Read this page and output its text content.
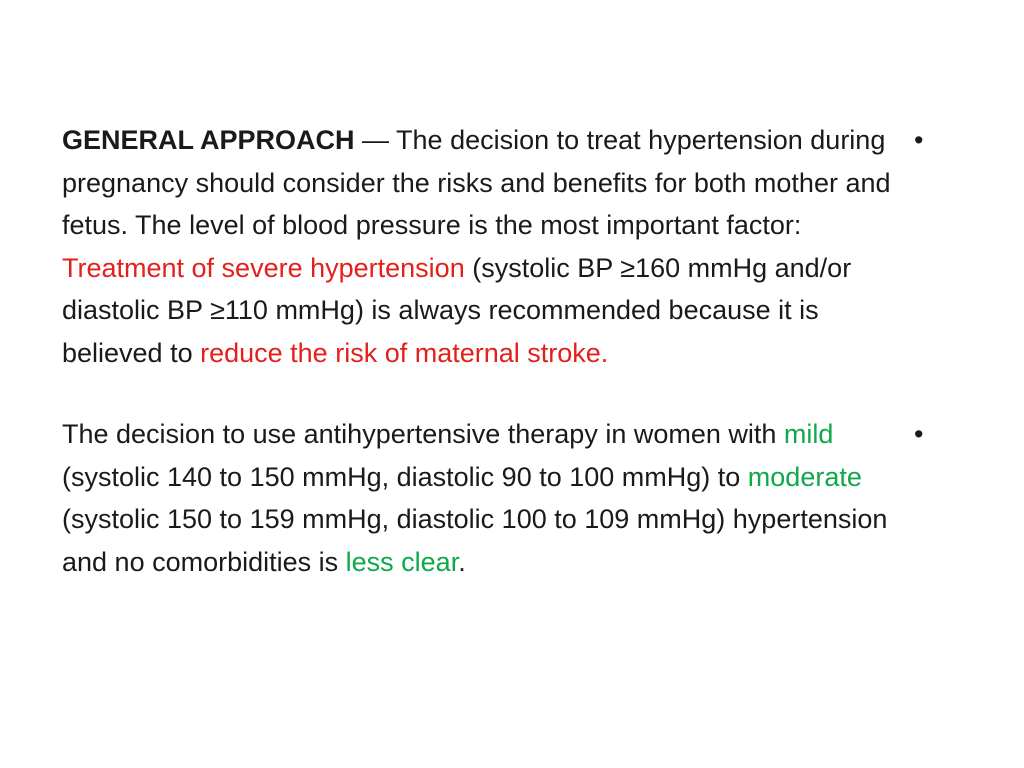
GENERAL APPROACH — The decision to treat hypertension during pregnancy should consider the risks and benefits for both mother and fetus. The level of blood pressure is the most important factor: Treatment of severe hypertension (systolic BP ≥160 mmHg and/or diastolic BP ≥110 mmHg) is always recommended because it is believed to reduce the risk of maternal stroke.

•

The decision to use antihypertensive therapy in women with mild (systolic 140 to 150 mmHg, diastolic 90 to 100 mmHg) to moderate (systolic 150 to 159 mmHg, diastolic 100 to 109 mmHg) hypertension and no comorbidities is less clear.

•
